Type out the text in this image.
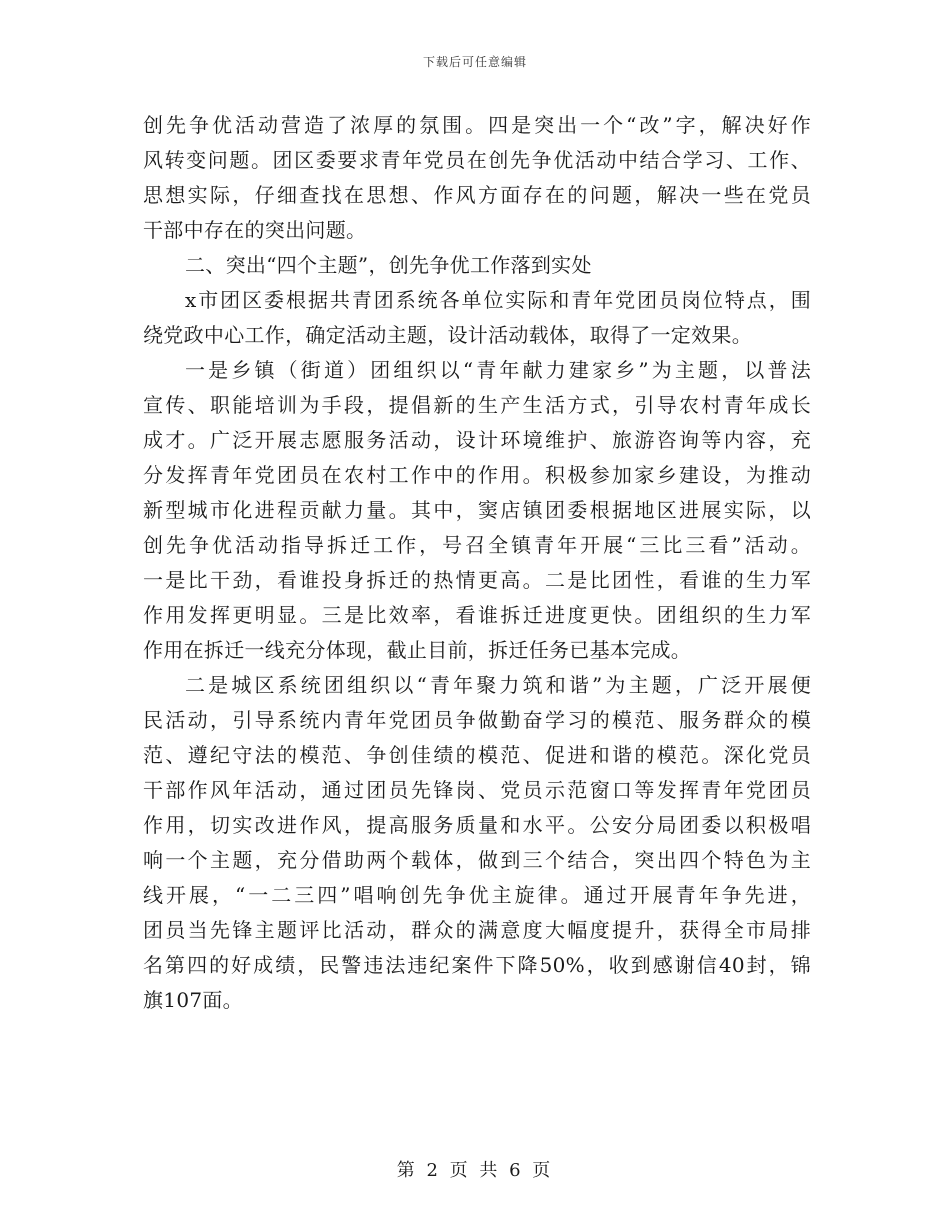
下载后可任意编辑
创先争优活动营造了浓厚的氛围。四是突出一个“改”字，解决好作
风转变问题。团区委要求青年党员在创先争优活动中结合学习、工作、
思想实际，仔细查找在思想、作风方面存在的问题，解决一些在党员
干部中存在的突出问题。
二、突出“四个主题”，创先争优工作落到实处
x市团区委根据共青团系统各单位实际和青年党团员岗位特点，围
绕党政中心工作，确定活动主题，设计活动载体，取得了一定效果。
一是乡镇（街道）团组织以“青年献力建家乡”为主题，以普法
宣传、职能培训为手段，提倡新的生产生活方式，引导农村青年成长
成才。广泛开展志愿服务活动，设计环境维护、旅游咨询等内容，充
分发挥青年党团员在农村工作中的作用。积极参加家乡建设，为推动
新型城市化进程贡献力量。其中，窦店镇团委根据地区进展实际，以
创先争优活动指导拆迁工作，号召全镇青年开展“三比三看”活动。
一是比干劲，看谁投身拆迁的热情更高。二是比团性，看谁的生力军
作用发挥更明显。三是比效率，看谁拆迁进度更快。团组织的生力军
作用在拆迁一线充分体现，截止目前，拆迁任务已基本完成。
二是城区系统团组织以“青年聚力筑和谐”为主题，广泛开展便
民活动，引导系统内青年党团员争做勤奋学习的模范、服务群众的模
范、遵纪守法的模范、争创佳绩的模范、促进和谐的模范。深化党员
干部作风年活动，通过团员先锋岗、党员示范窗口等发挥青年党团员
作用，切实改进作风，提高服务质量和水平。公安分局团委以积极唱
响一个主题，充分借助两个载体，做到三个结合，突出四个特色为主
线开展，“一二三四”唱响创先争优主旋律。通过开展青年争先进，
团员当先锋主题评比活动，群众的满意度大幅度提升，获得全市局排
名第四的好成绩，民警违法违纪案件下降50%，收到感谢信40封，锦
旗107面。
第 2 页 共 6 页
